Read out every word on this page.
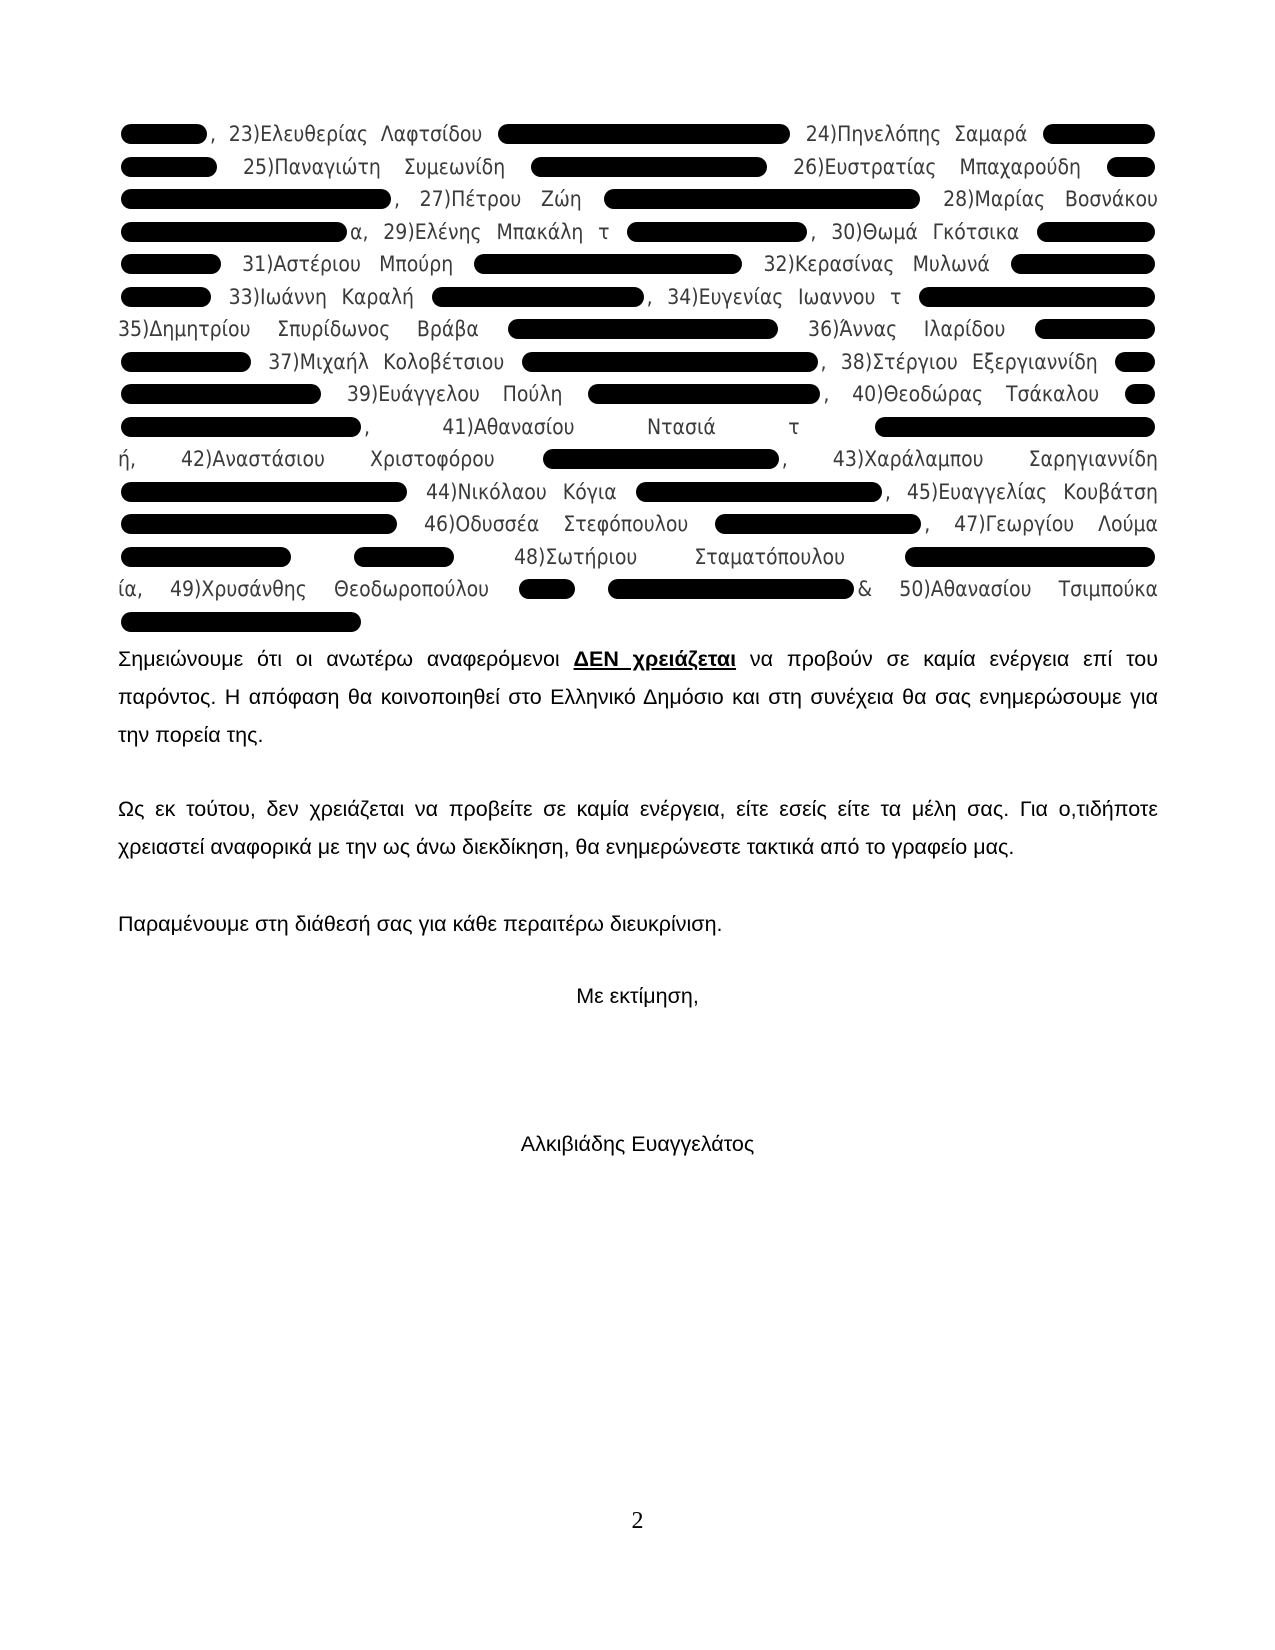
, 23)Ελευθερίας Λαφτσίδου	24)Πηνελόπης Σαμαρά   25)Παναγιώτη Συμεωνίδη	26)Ευστρατίας Μπαχαρούδη  , 27)Πέτρου Ζώη	28)Μαρίας Βοσνάκου α, 29)Ελένης Μπακάλη τ	, 30)Θωμά Γκότσικα   31)Αστέριου Μπούρη	32)Κερασίνας Μυλωνά   33)Ιωάννη Καραλή	, 34)Ευγενίας Ιωαννου τ  35)Δημητρίου Σπυρίδωνος Βράβα	36)Άννας Ιλαρίδου   37)Μιχαήλ Κολοβέτσιου	, 38)Στέργιου Εξεργιαννίδη   39)Ευάγγελου Πούλη	, 40)Θεοδώρας Τσάκαλου  , 41)Αθανασίου Ντασιά τ ή, 42)Αναστάσιου Χριστοφόρου	, 43)Χαράλαμπου Σαρηγιαννίδη  44)Νικόλαου Κόγια	, 45)Ευαγγελίας Κουβάτση  46)Οδυσσέα Στεφόπουλου	, 47)Γεωργίου Λούμα   48)Σωτήριου Σταματόπουλου ία, 49)Χρυσάνθης Θεοδωροπούλου	& 50)Αθανασίου Τσιμπούκα

Σημειώνουμε ότι οι ανωτέρω αναφερόμενοι ΔΕΝ χρειάζεται να προβούν σε καμία ενέργεια επί του παρόντος. Η απόφαση θα κοινοποιηθεί στο Ελληνικό Δημόσιο και στη συνέχεια θα σας ενημερώσουμε για την πορεία της.

Ως εκ τούτου, δεν χρειάζεται να προβείτε σε καμία ενέργεια, είτε εσείς είτε τα μέλη σας. Για ο,τιδήποτε χρειαστεί αναφορικά με την ως άνω διεκδίκηση, θα ενημερώνεστε τακτικά από το γραφείο μας.

Παραμένουμε στη διάθεσή σας για κάθε περαιτέρω διευκρίνιση.

Με εκτίμηση,

Αλκιβιάδης Ευαγγελάτος

2
